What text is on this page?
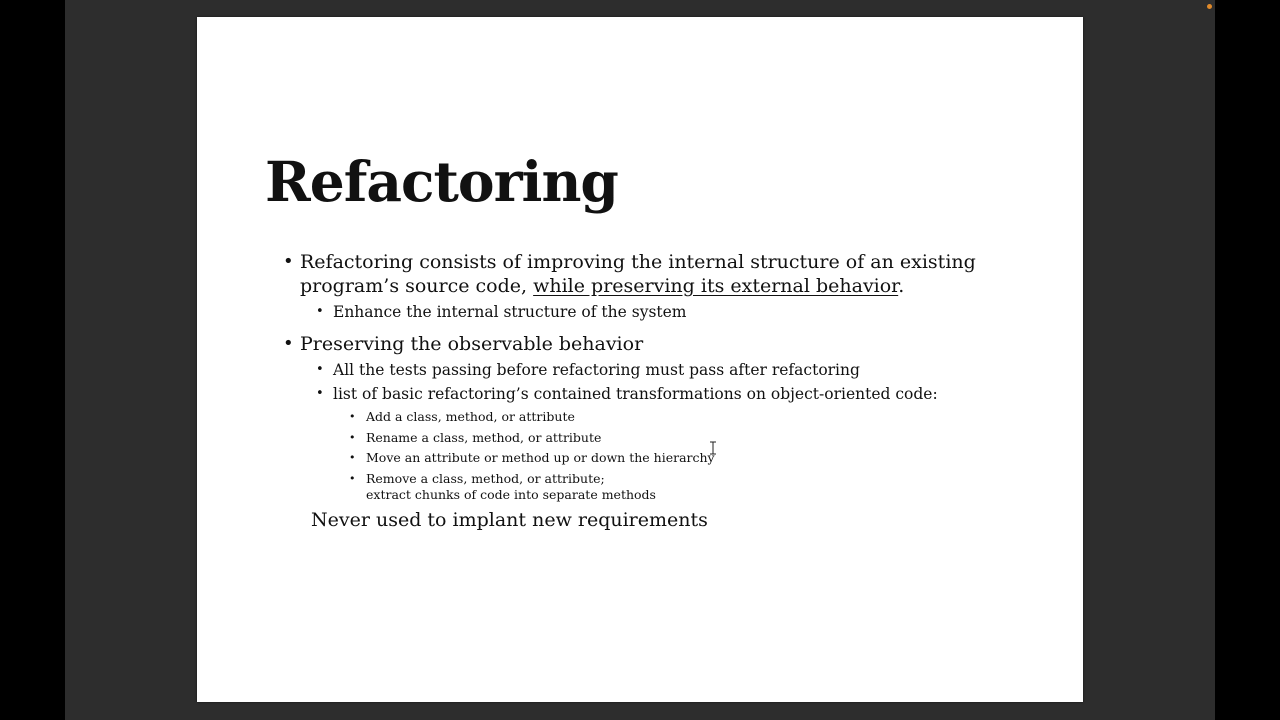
Refactoring
• Refactoring consists of improving the internal structure of an existing
program’s source code, while preserving its external behavior.
• Enhance the internal structure of the system
• Preserving the observable behavior
• All the tests passing before refactoring must pass after refactoring
• list of basic refactoring’s contained transformations on object-oriented code:
• Add a class, method, or attribute
• Rename a class, method, or attribute
• Move an attribute or method up or down the hierarchy
• Remove a class, method, or attribute;
extract chunks of code into separate methods
Never used to implant new requirements
